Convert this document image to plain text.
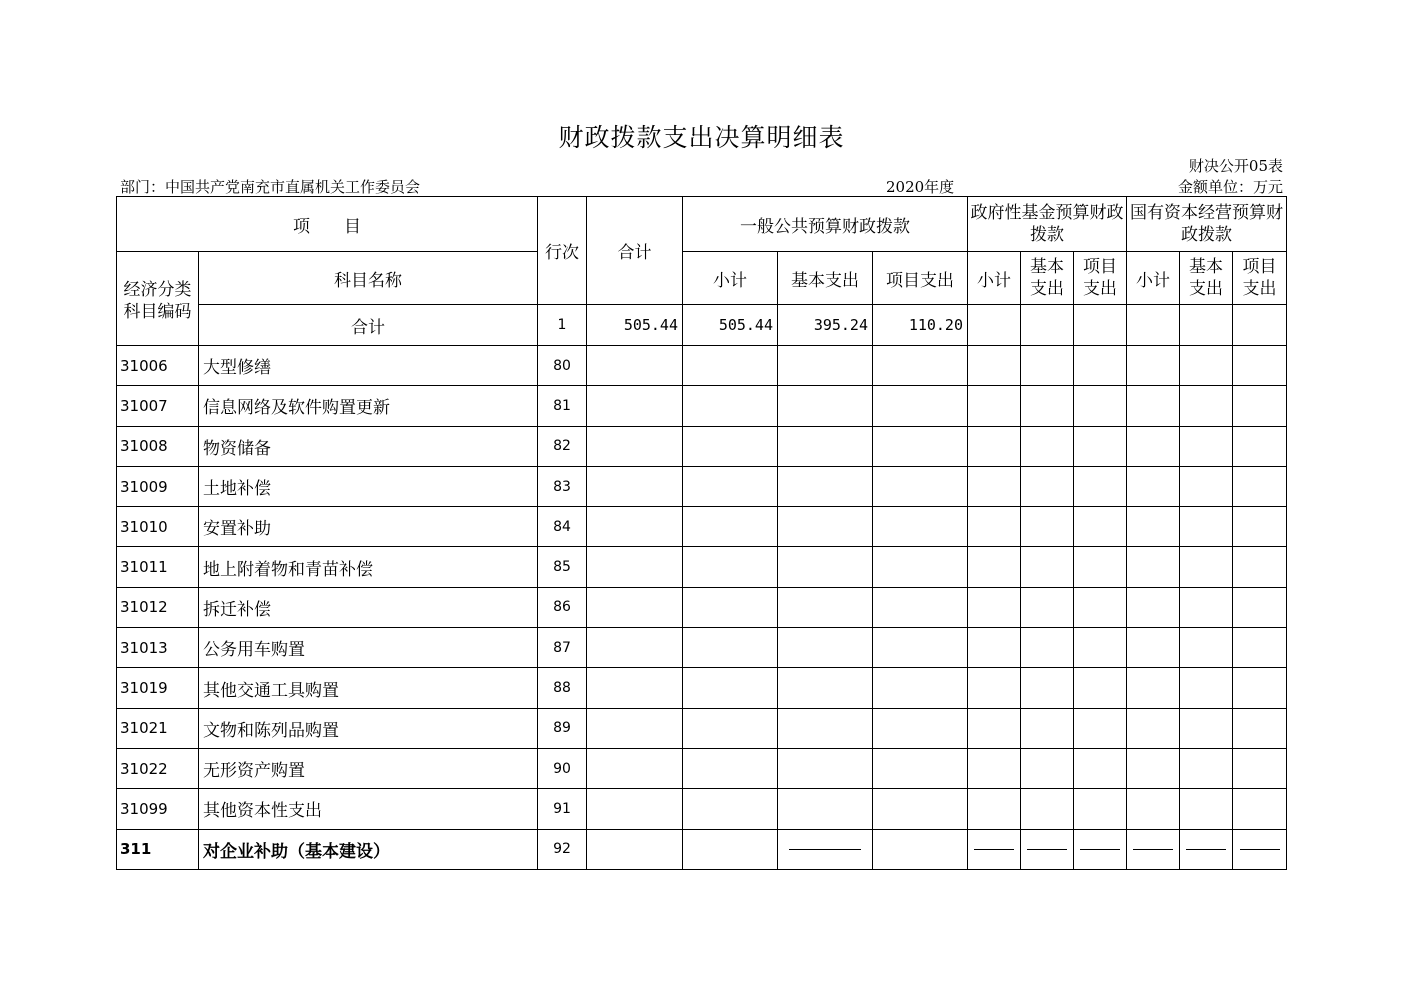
财政拨款支出决算明细表
财决公开05表
部门：中国共产党南充市直属机关工作委员会	2020年度	金额单位：万元
项　　目		行次	合计	一般公共预算财政拨款			政府性基金预算财政拨款			国有资本经营预算财政拨款		
经济分类科目编码	科目名称			小计	基本支出	项目支出	小计	基本支出	项目支出	小计	基本支出	项目支出
	合计	1	505.44	505.44	395.24	110.20						
31006	大型修缮	80										
31007	信息网络及软件购置更新	81										
31008	物资储备	82										
31009	土地补偿	83										
31010	安置补助	84										
31011	地上附着物和青苗补偿	85										
31012	拆迁补偿	86										
31013	公务用车购置	87										
31019	其他交通工具购置	88										
31021	文物和陈列品购置	89										
31022	无形资产购置	90										
31099	其他资本性支出	91										
311	对企业补助（基本建设）	92										
